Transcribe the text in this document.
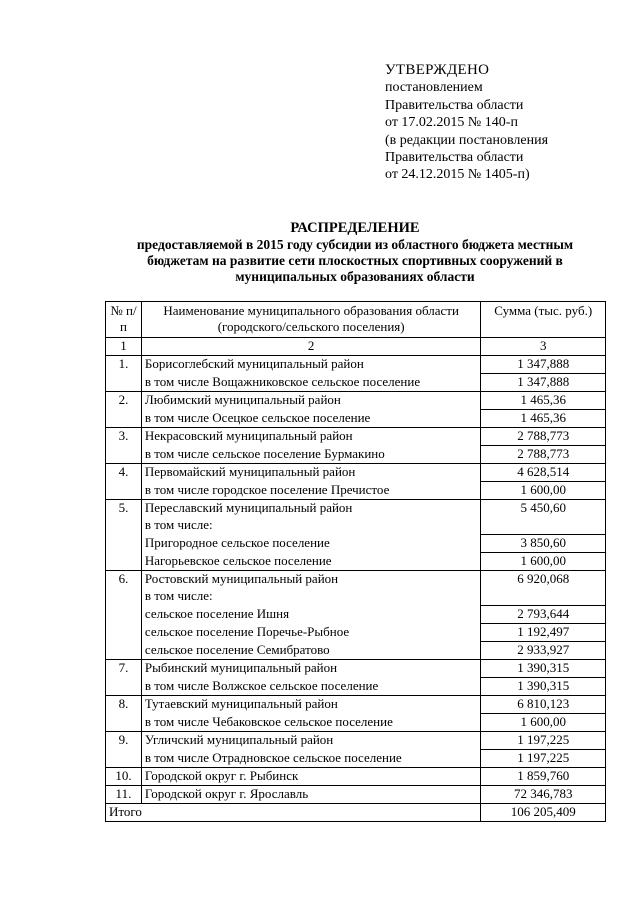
УТВЕРЖДЕНО
постановлением
Правительства области
от 17.02.2015 № 140-п
(в редакции постановления
Правительства области
от 24.12.2015 № 1405-п)
РАСПРЕДЕЛЕНИЕ
предоставляемой в 2015 году субсидии из областного бюджета местным
бюджетам на развитие сети плоскостных спортивных сооружений в
муниципальных образованиях области
№ п/п	Наименование муниципального образования области (городского/сельского поселения)	Сумма (тыс. руб.)
1	2	3
1.	Борисоглебский муниципальный район	1 347,888
	в том числе Вощажниковское сельское поселение	1 347,888
2.	Любимский муниципальный район	1 465,36
	в том числе Осецкое сельское поселение	1 465,36
3.	Некрасовский муниципальный район	2 788,773
	в том числе сельское поселение Бурмакино	2 788,773
4.	Первомайский муниципальный район	4 628,514
	в том числе городское поселение Пречистое	1 600,00
5.	Переславский муниципальный район	5 450,60
	в том числе:	
	Пригородное сельское поселение	3 850,60
	Нагорьевское сельское поселение	1 600,00
6.	Ростовский муниципальный район	6 920,068
	в том числе:	
	сельское поселение Ишня	2 793,644
	сельское поселение Поречье-Рыбное	1 192,497
	сельское поселение Семибратово	2 933,927
7.	Рыбинский муниципальный район	1 390,315
	в том числе Волжское сельское поселение	1 390,315
8.	Тутаевский муниципальный район	6 810,123
	в том числе Чебаковское сельское поселение	1 600,00
9.	Угличский муниципальный район	1 197,225
	в том числе Отрадновское сельское поселение	1 197,225
10.	Городской округ г. Рыбинск	1 859,760
11.	Городской округ г. Ярославль	72 346,783
Итого		106 205,409
